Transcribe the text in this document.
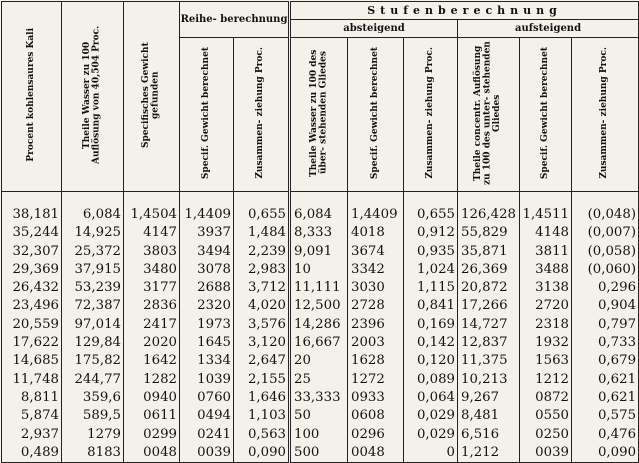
Procent kohlensaures Kali	Theile Wasser zu 100 Auflösung von 40,504 Proc.	Specifisches Gewicht gefunden	Reihe- berechnung		Stufenberechnung					
					absteigend			aufsteigend		
			Specif. Gewicht berechnet	Zusammen- ziehung Proc.	Theile Wasser zu 100 des über- stehenden Gliedes	Specif. Gewicht berechnet	Zusammen- ziehung Proc.	Theile concentr. Auflösung zu 100 des unter- stehenden Gliedes	Specif. Gewicht berechnet	Zusammen- ziehung Proc.

38,181	6,084	1,4504	1,4409	0,655	6,084	1,4409	0,655	126,428	1,4511	(0,048)
35,244	14,925	4147	3937	1,484	8,333	4018	0,912	55,829	4148	(0,007)
32,307	25,372	3803	3494	2,239	9,091	3674	0,935	35,871	3811	(0,058)
29,369	37,915	3480	3078	2,983	10	3342	1,024	26,369	3488	(0,060)
26,432	53,239	3177	2688	3,712	11,111	3030	1,115	20,872	3138	0,296
23,496	72,387	2836	2320	4,020	12,500	2728	0,841	17,266	2720	0,904
20,559	97,014	2417	1973	3,576	14,286	2396	0,169	14,727	2318	0,797
17,622	129,84	2020	1645	3,120	16,667	2003	0,142	12,837	1932	0,733
14,685	175,82	1642	1334	2,647	20	1628	0,120	11,375	1563	0,679
11,748	244,77	1282	1039	2,155	25	1272	0,089	10,213	1212	0,621
8,811	359,6	0940	0760	1,646	33,333	0933	0,064	9,267	0872	0,621
5,874	589,5	0611	0494	1,103	50	0608	0,029	8,481	0550	0,575
2,937	1279	0299	0241	0,563	100	0296	0,029	6,516	0250	0,476
0,489	8183	0048	0039	0,090	500	0048	0	1,212	0039	0,090
